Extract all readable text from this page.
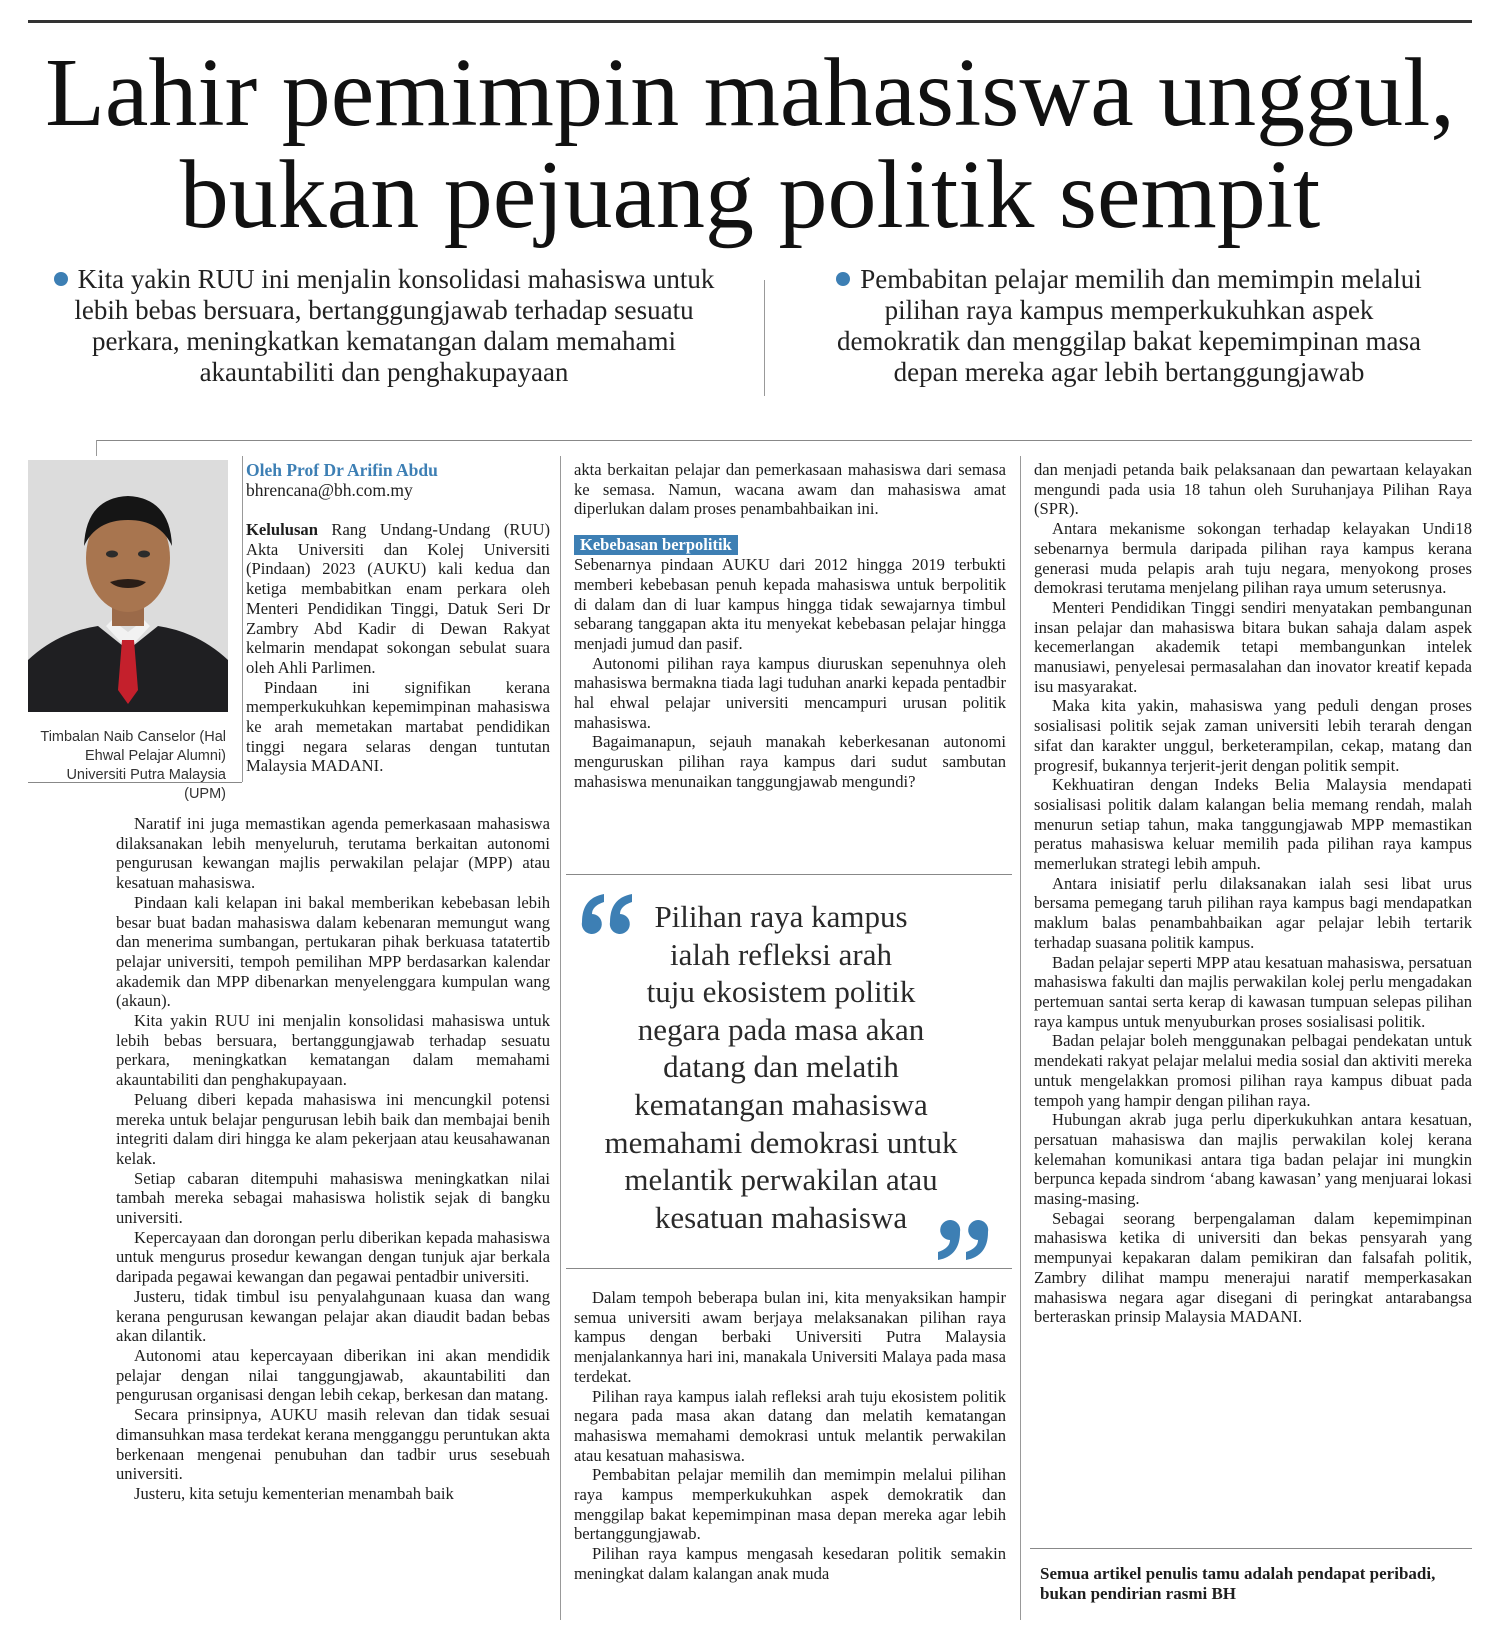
Lahir pemimpin mahasiswa unggul,
bukan pejuang politik sempit
Kita yakin RUU ini menjalin konsolidasi mahasiswa untuk
lebih bebas bersuara, bertanggungjawab terhadap sesuatu
perkara, meningkatkan kematangan dalam memahami
akauntabiliti dan penghakupayaan
Pembabitan pelajar memilih dan memimpin melalui
pilihan raya kampus memperkukuhkan aspek
demokratik dan menggilap bakat kepemimpinan masa
depan mereka agar lebih bertanggungjawab
Timbalan Naib Canselor (Hal Ehwal Pelajar Alumni) Universiti Putra Malaysia (UPM)
Oleh Prof Dr Arifin Abdu
bhrencana@bh.com.my

Kelulusan Rang Undang-Undang (RUU) Akta Universiti dan Kolej Universiti (Pindaan) 2023 (AUKU) kali kedua dan ketiga membabitkan enam perkara oleh Menteri Pendidikan Tinggi, Datuk Seri Dr Zambry Abd Kadir di Dewan Rakyat kelmarin mendapat sokongan sebulat suara oleh Ahli Parlimen.

Pindaan ini signifikan kerana memperkukuhkan kepemimpinan mahasiswa ke arah memetakan martabat pendidikan tinggi negara selaras dengan tuntutan Malaysia MADANI.

Naratif ini juga memastikan agenda pemerkasaan mahasiswa dilaksanakan lebih menyeluruh, terutama berkaitan autonomi pengurusan kewangan majlis perwakilan pelajar (MPP) atau kesatuan mahasiswa.

Pindaan kali kelapan ini bakal memberikan kebebasan lebih besar buat badan mahasiswa dalam kebenaran memungut wang dan menerima sumbangan, pertukaran pihak berkuasa tatatertib pelajar universiti, tempoh pemilihan MPP berdasarkan kalendar akademik dan MPP dibenarkan menyelenggara kumpulan wang (akaun).

Kita yakin RUU ini menjalin konsolidasi mahasiswa untuk lebih bebas bersuara, bertanggungjawab terhadap sesuatu perkara, meningkatkan kematangan dalam memahami akauntabiliti dan penghakupayaan.

Peluang diberi kepada mahasiswa ini mencungkil potensi mereka untuk belajar pengurusan lebih baik dan membajai benih integriti dalam diri hingga ke alam pekerjaan atau keusahawanan kelak.

Setiap cabaran ditempuhi mahasiswa meningkatkan nilai tambah mereka sebagai mahasiswa holistik sejak di bangku universiti.

Kepercayaan dan dorongan perlu diberikan kepada mahasiswa untuk mengurus prosedur kewangan dengan tunjuk ajar berkala daripada pegawai kewangan dan pegawai pentadbir universiti.

Justeru, tidak timbul isu penyalahgunaan kuasa dan wang kerana pengurusan kewangan pelajar akan diaudit badan bebas akan dilantik.

Autonomi atau kepercayaan diberikan ini akan mendidik pelajar dengan nilai tanggungjawab, akauntabiliti dan pengurusan organisasi dengan lebih cekap, berkesan dan matang.

Secara prinsipnya, AUKU masih relevan dan tidak sesuai dimansuhkan masa terdekat kerana mengganggu peruntukan akta berkenaan mengenai penubuhan dan tadbir urus sesebuah universiti.

Justeru, kita setuju kementerian menambah baik

akta berkaitan pelajar dan pemerkasaan mahasiswa dari semasa ke semasa. Namun, wacana awam dan mahasiswa amat diperlukan dalam proses penambahbaikan ini.

Kebebasan berpolitik

Sebenarnya pindaan AUKU dari 2012 hingga 2019 terbukti memberi kebebasan penuh kepada mahasiswa untuk berpolitik di dalam dan di luar kampus hingga tidak sewajarnya timbul sebarang tanggapan akta itu menyekat kebebasan pelajar hingga menjadi jumud dan pasif.

Autonomi pilihan raya kampus diuruskan sepenuhnya oleh mahasiswa bermakna tiada lagi tuduhan anarki kepada pentadbir hal ehwal pelajar universiti mencampuri urusan politik mahasiswa.

Bagaimanapun, sejauh manakah keberkesanan autonomi menguruskan pilihan raya kampus dari sudut sambutan mahasiswa menunaikan tanggungjawab mengundi?

Pilihan raya kampus
ialah refleksi arah
tuju ekosistem politik
negara pada masa akan
datang dan melatih
kematangan mahasiswa
memahami demokrasi untuk
melantik perwakilan atau
kesatuan mahasiswa

Dalam tempoh beberapa bulan ini, kita menyaksikan hampir semua universiti awam berjaya melaksanakan pilihan raya kampus dengan berbaki Universiti Putra Malaysia menjalankannya hari ini, manakala Universiti Malaya pada masa terdekat.

Pilihan raya kampus ialah refleksi arah tuju ekosistem politik negara pada masa akan datang dan melatih kematangan mahasiswa memahami demokrasi untuk melantik perwakilan atau kesatuan mahasiswa.

Pembabitan pelajar memilih dan memimpin melalui pilihan raya kampus memperkukuhkan aspek demokratik dan menggilap bakat kepemimpinan masa depan mereka agar lebih bertanggungjawab.

Pilihan raya kampus mengasah kesedaran politik semakin meningkat dalam kalangan anak muda

dan menjadi petanda baik pelaksanaan dan pewartaan kelayakan mengundi pada usia 18 tahun oleh Suruhanjaya Pilihan Raya (SPR).

Antara mekanisme sokongan terhadap kelayakan Undi18 sebenarnya bermula daripada pilihan raya kampus kerana generasi muda pelapis arah tuju negara, menyokong proses demokrasi terutama menjelang pilihan raya umum seterusnya.

Menteri Pendidikan Tinggi sendiri menyatakan pembangunan insan pelajar dan mahasiswa bitara bukan sahaja dalam aspek kecemerlangan akademik tetapi membangunkan intelek manusiawi, penyelesai permasalahan dan inovator kreatif kepada isu masyarakat.

Maka kita yakin, mahasiswa yang peduli dengan proses sosialisasi politik sejak zaman universiti lebih terarah dengan sifat dan karakter unggul, berketerampilan, cekap, matang dan progresif, bukannya terjerit-jerit dengan politik sempit.

Kekhuatiran dengan Indeks Belia Malaysia mendapati sosialisasi politik dalam kalangan belia memang rendah, malah menurun setiap tahun, maka tanggungjawab MPP memastikan peratus mahasiswa keluar memilih pada pilihan raya kampus memerlukan strategi lebih ampuh.

Antara inisiatif perlu dilaksanakan ialah sesi libat urus bersama pemegang taruh pilihan raya kampus bagi mendapatkan maklum balas penambahbaikan agar pelajar lebih tertarik terhadap suasana politik kampus.

Badan pelajar seperti MPP atau kesatuan mahasiswa, persatuan mahasiswa fakulti dan majlis perwakilan kolej perlu mengadakan pertemuan santai serta kerap di kawasan tumpuan selepas pilihan raya kampus untuk menyuburkan proses sosialisasi politik.

Badan pelajar boleh menggunakan pelbagai pendekatan untuk mendekati rakyat pelajar melalui media sosial dan aktiviti mereka untuk mengelakkan promosi pilihan raya kampus dibuat pada tempoh yang hampir dengan pilihan raya.

Hubungan akrab juga perlu diperkukuhkan antara kesatuan, persatuan mahasiswa dan majlis perwakilan kolej kerana kelemahan komunikasi antara tiga badan pelajar ini mungkin berpunca kepada sindrom ‘abang kawasan’ yang menjuarai lokasi masing-masing.

Sebagai seorang berpengalaman dalam kepemimpinan mahasiswa ketika di universiti dan bekas pensyarah yang mempunyai kepakaran dalam pemikiran dan falsafah politik, Zambry dilihat mampu menerajui naratif memperkasakan mahasiswa negara agar disegani di peringkat antarabangsa berteraskan prinsip Malaysia MADANI.

Semua artikel penulis tamu adalah pendapat peribadi, bukan pendirian rasmi BH
